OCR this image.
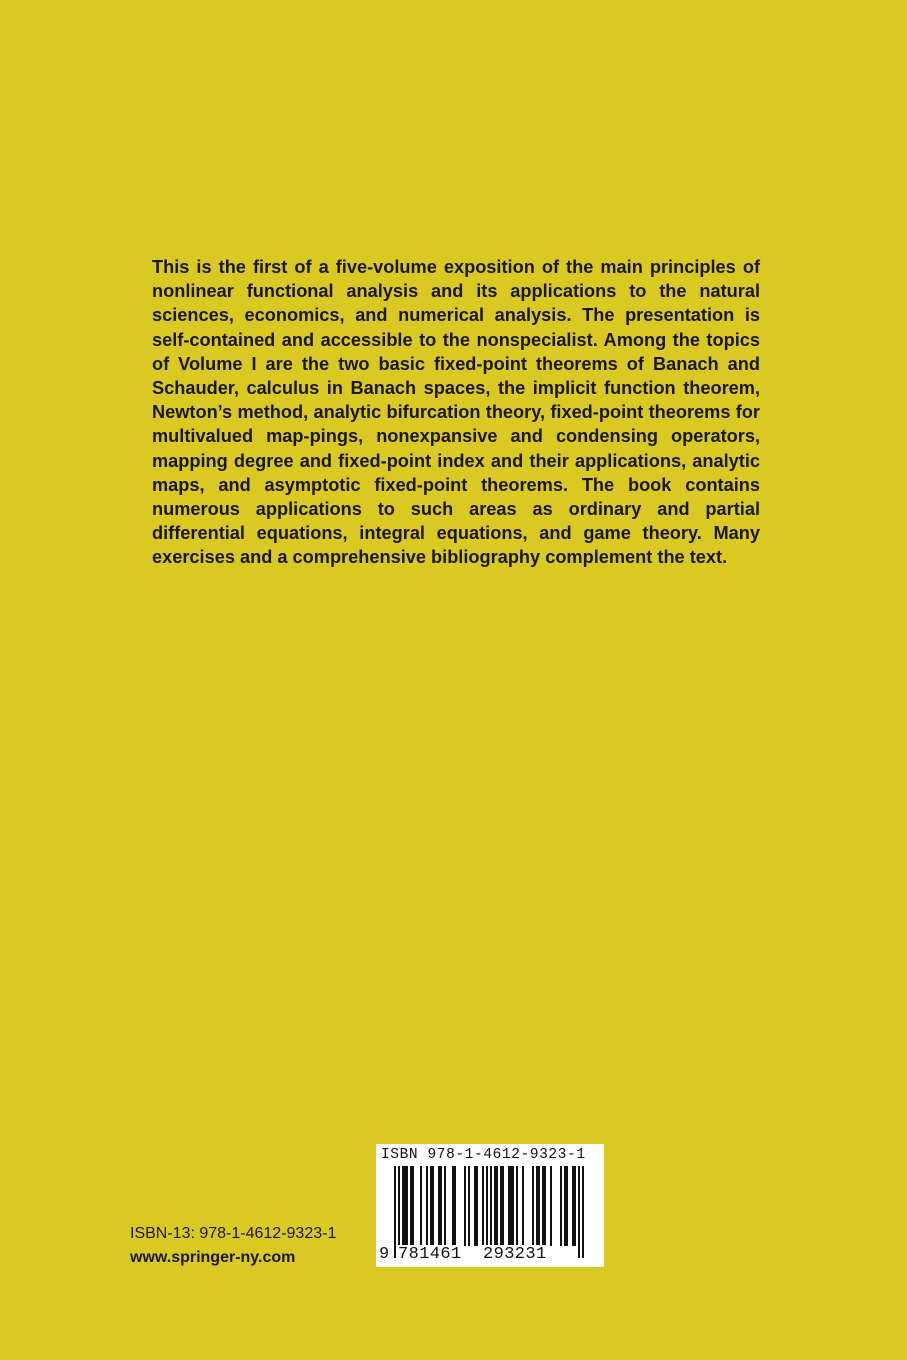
This is the first of a five-volume exposition of the main principles of nonlinear functional analysis and its applications to the natural sciences, economics, and numerical analysis. The presentation is self-contained and accessible to the nonspecialist. Among the topics of Volume I are the two basic fixed-point theorems of Banach and Schauder, calculus in Banach spaces, the implicit function theorem, Newton’s method, analytic bifurcation theory, fixed-point theorems for multivalued map-pings, nonexpansive and condensing operators, mapping degree and fixed-point index and their applications, analytic maps, and asymptotic fixed-point theorems. The book contains numerous applications to such areas as ordinary and partial differential equations, integral equations, and game theory. Many exercises and a comprehensive bibliography complement the text.

ISBN-13: 978-1-4612-9323-1
www.springer-ny.com
ISBN 978-1-4612-9323-1
9 781461 293231
